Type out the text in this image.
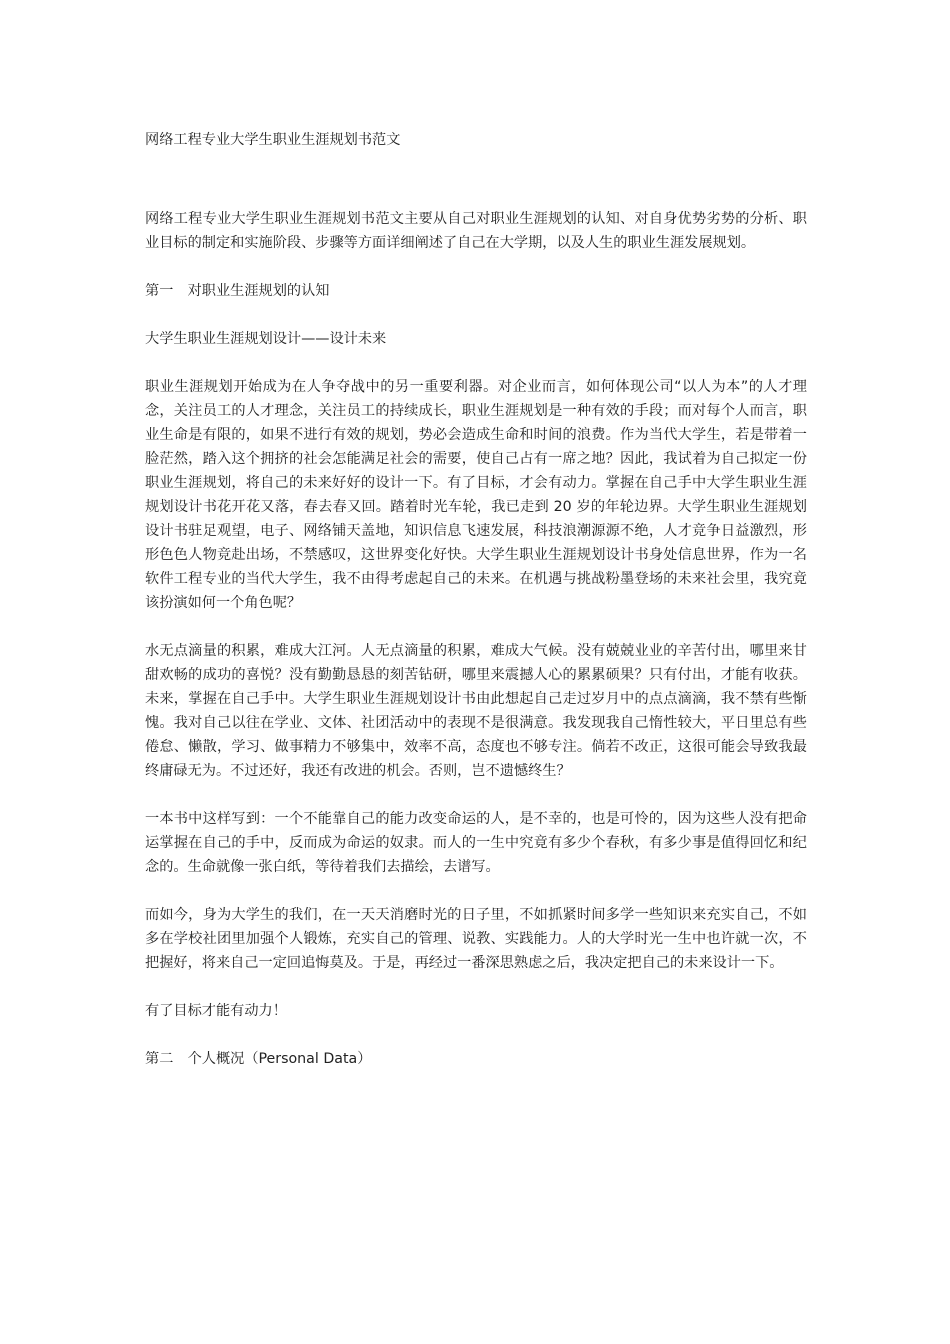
网络工程专业大学生职业生涯规划书范文

网络工程专业大学生职业生涯规划书范文主要从自己对职业生涯规划的认知、对自身优势劣势的分析、职业目标的制定和实施阶段、步骤等方面详细阐述了自己在大学期，以及人生的职业生涯发展规划。

第一　对职业生涯规划的认知
大学生职业生涯规划设计——设计未来

职业生涯规划开始成为在人争夺战中的另一重要利器。对企业而言，如何体现公司“以人为本”的人才理念，关注员工的人才理念，关注员工的持续成长，职业生涯规划是一种有效的手段；而对每个人而言，职业生命是有限的，如果不进行有效的规划，势必会造成生命和时间的浪费。作为当代大学生，若是带着一脸茫然，踏入这个拥挤的社会怎能满足社会的需要，使自己占有一席之地？因此，我试着为自己拟定一份职业生涯规划，将自己的未来好好的设计一下。有了目标，才会有动力。掌握在自己手中大学生职业生涯规划设计书花开花又落，春去春又回。踏着时光车轮，我已走到 20 岁的年轮边界。大学生职业生涯规划设计书驻足观望，电子、网络铺天盖地，知识信息飞速发展，科技浪潮源源不绝，人才竞争日益激烈，形形色色人物竞赴出场，不禁感叹，这世界变化好快。大学生职业生涯规划设计书身处信息世界，作为一名软件工程专业的当代大学生，我不由得考虑起自己的未来。在机遇与挑战粉墨登场的未来社会里，我究竟该扮演如何一个角色呢？

水无点滴量的积累，难成大江河。人无点滴量的积累，难成大气候。没有兢兢业业的辛苦付出，哪里来甘甜欢畅的成功的喜悦？没有勤勤恳恳的刻苦钻研，哪里来震撼人心的累累硕果？只有付出，才能有收获。未来，掌握在自己手中。大学生职业生涯规划设计书由此想起自己走过岁月中的点点滴滴，我不禁有些惭愧。我对自己以往在学业、文体、社团活动中的表现不是很满意。我发现我自己惰性较大，平日里总有些倦怠、懒散，学习、做事精力不够集中，效率不高，态度也不够专注。倘若不改正，这很可能会导致我最终庸碌无为。不过还好，我还有改进的机会。否则，岂不遗憾终生？

一本书中这样写到：一个不能靠自己的能力改变命运的人，是不幸的，也是可怜的，因为这些人没有把命运掌握在自己的手中，反而成为命运的奴隶。而人的一生中究竟有多少个春秋，有多少事是值得回忆和纪念的。生命就像一张白纸，等待着我们去描绘，去谱写。

而如今，身为大学生的我们，在一天天消磨时光的日子里，不如抓紧时间多学一些知识来充实自己，不如多在学校社团里加强个人锻炼，充实自己的管理、说教、实践能力。人的大学时光一生中也许就一次，不把握好，将来自己一定回追悔莫及。于是，再经过一番深思熟虑之后，我决定把自己的未来设计一下。

有了目标才能有动力！

第二　个人概况（Personal Data）
